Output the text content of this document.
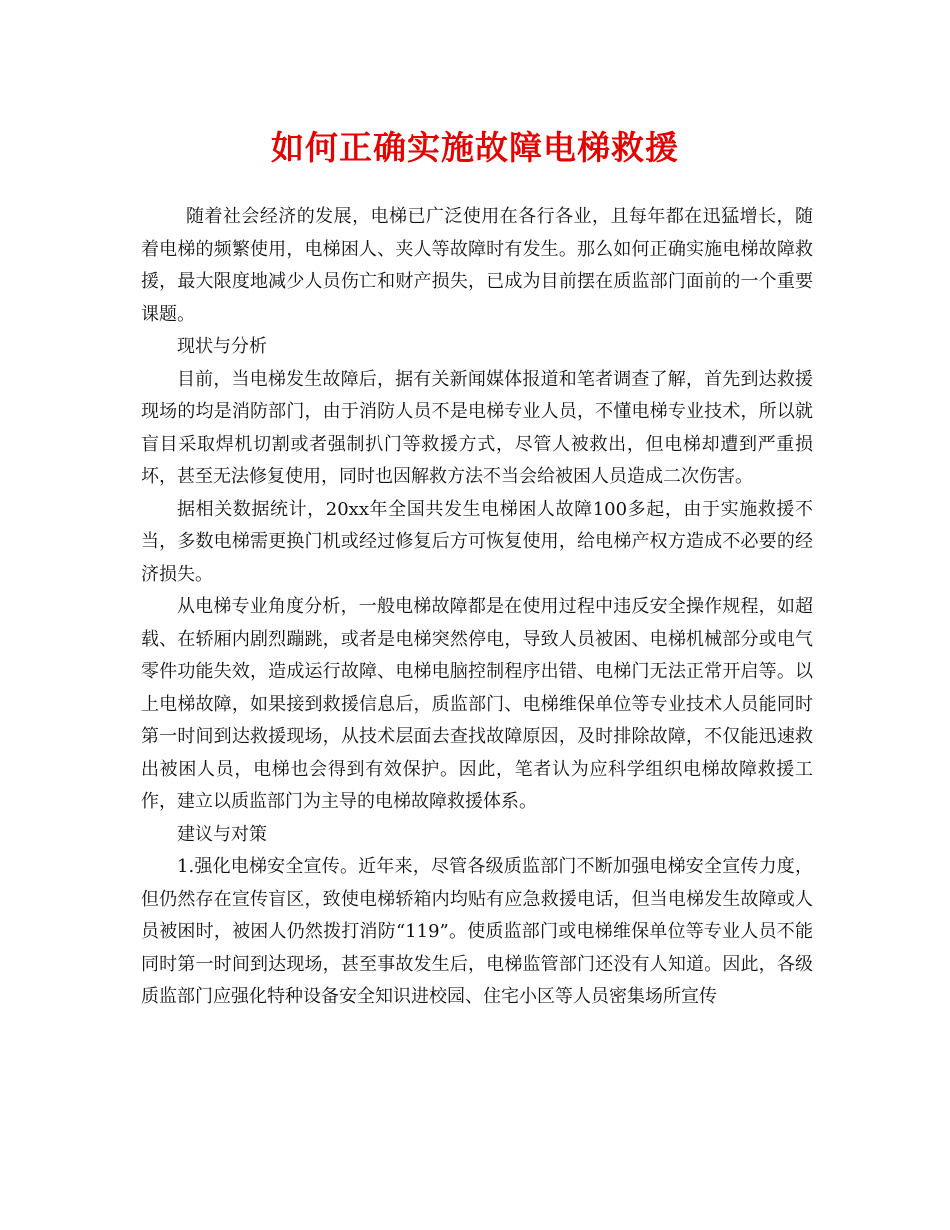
如何正确实施故障电梯救援

随着社会经济的发展，电梯已广泛使用在各行各业，且每年都在迅猛增长，随着电梯的频繁使用，电梯困人、夹人等故障时有发生。那么如何正确实施电梯故障救援，最大限度地减少人员伤亡和财产损失，已成为目前摆在质监部门面前的一个重要课题。

现状与分析

目前，当电梯发生故障后，据有关新闻媒体报道和笔者调查了解，首先到达救援现场的均是消防部门，由于消防人员不是电梯专业人员，不懂电梯专业技术，所以就盲目采取焊机切割或者强制扒门等救援方式，尽管人被救出，但电梯却遭到严重损坏，甚至无法修复使用，同时也因解救方法不当会给被困人员造成二次伤害。

据相关数据统计，20xx年全国共发生电梯困人故障100多起，由于实施救援不当，多数电梯需更换门机或经过修复后方可恢复使用，给电梯产权方造成不必要的经济损失。

从电梯专业角度分析，一般电梯故障都是在使用过程中违反安全操作规程，如超载、在轿厢内剧烈蹦跳，或者是电梯突然停电，导致人员被困、电梯机械部分或电气零件功能失效，造成运行故障、电梯电脑控制程序出错、电梯门无法正常开启等。以上电梯故障，如果接到救援信息后，质监部门、电梯维保单位等专业技术人员能同时第一时间到达救援现场，从技术层面去查找故障原因，及时排除故障，不仅能迅速救出被困人员，电梯也会得到有效保护。因此，笔者认为应科学组织电梯故障救援工作，建立以质监部门为主导的电梯故障救援体系。

建议与对策

1.强化电梯安全宣传。近年来，尽管各级质监部门不断加强电梯安全宣传力度，但仍然存在宣传盲区，致使电梯轿箱内均贴有应急救援电话，但当电梯发生故障或人员被困时，被困人仍然拨打消防“119”。使质监部门或电梯维保单位等专业人员不能同时第一时间到达现场，甚至事故发生后，电梯监管部门还没有人知道。因此，各级质监部门应强化特种设备安全知识进校园、住宅小区等人员密集场所宣传
